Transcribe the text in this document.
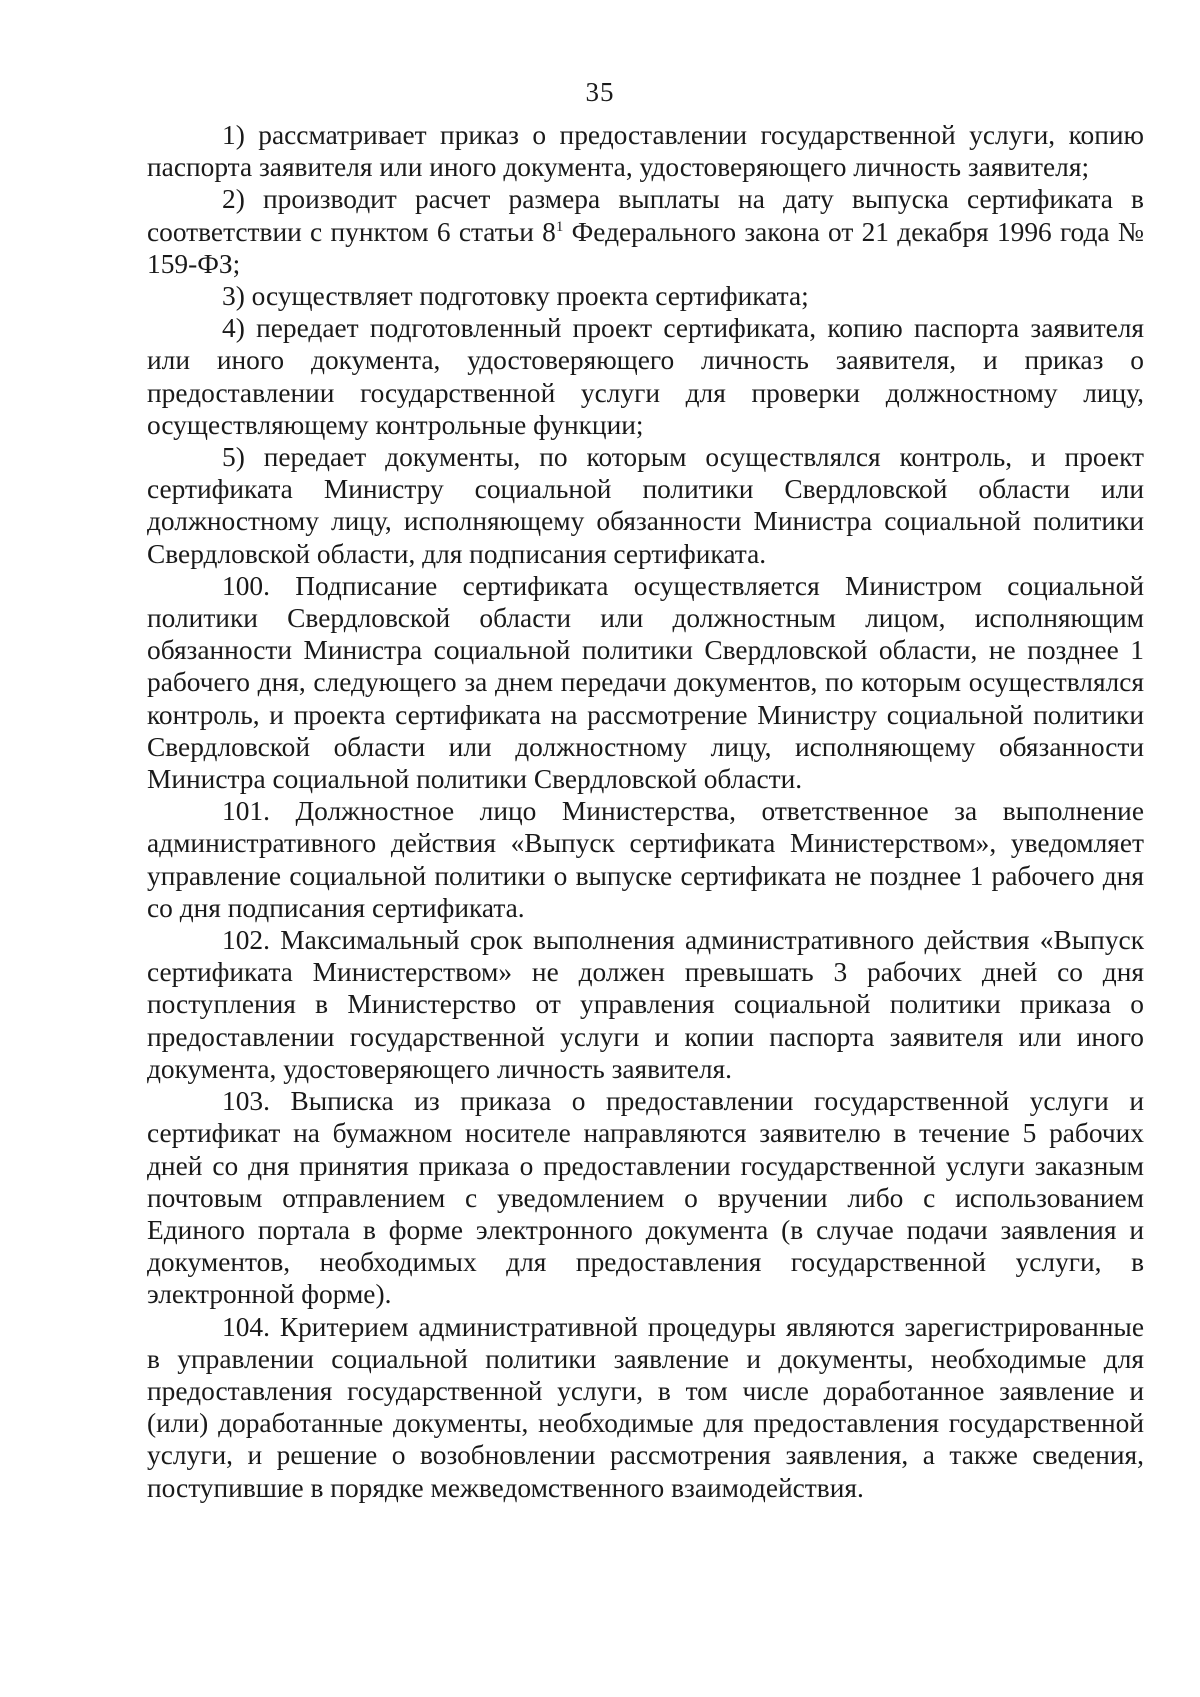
35

1) рассматривает приказ о предоставлении государственной услуги, копию паспорта заявителя или иного документа, удостоверяющего личность заявителя;

2) производит расчет размера выплаты на дату выпуска сертификата в соответствии с пунктом 6 статьи $8^1$ Федерального закона от 21 декабря 1996 года № 159-ФЗ;

3) осуществляет подготовку проекта сертификата;

4) передает подготовленный проект сертификата, копию паспорта заявителя или иного документа, удостоверяющего личность заявителя, и приказ о предоставлении государственной услуги для проверки должностному лицу, осуществляющему контрольные функции;

5) передает документы, по которым осуществлялся контроль, и проект сертификата Министру социальной политики Свердловской области или должностному лицу, исполняющему обязанности Министра социальной политики Свердловской области, для подписания сертификата.

100. Подписание сертификата осуществляется Министром социальной политики Свердловской области или должностным лицом, исполняющим обязанности Министра социальной политики Свердловской области, не позднее 1 рабочего дня, следующего за днем передачи документов, по которым осуществлялся контроль, и проекта сертификата на рассмотрение Министру социальной политики Свердловской области или должностному лицу, исполняющему обязанности Министра социальной политики Свердловской области.

101. Должностное лицо Министерства, ответственное за выполнение административного действия «Выпуск сертификата Министерством», уведомляет управление социальной политики о выпуске сертификата не позднее 1 рабочего дня со дня подписания сертификата.

102. Максимальный срок выполнения административного действия «Выпуск сертификата Министерством» не должен превышать 3 рабочих дней со дня поступления в Министерство от управления социальной политики приказа о предоставлении государственной услуги и копии паспорта заявителя или иного документа, удостоверяющего личность заявителя.

103. Выписка из приказа о предоставлении государственной услуги и сертификат на бумажном носителе направляются заявителю в течение 5 рабочих дней со дня принятия приказа о предоставлении государственной услуги заказным почтовым отправлением с уведомлением о вручении либо с использованием Единого портала в форме электронного документа (в случае подачи заявления и документов, необходимых для предоставления государственной услуги, в электронной форме).

104. Критерием административной процедуры являются зарегистрированные в управлении социальной политики заявление и документы, необходимые для предоставления государственной услуги, в том числе доработанное заявление и (или) доработанные документы, необходимые для предоставления государственной услуги, и решение о возобновлении рассмотрения заявления, а также сведения, поступившие в порядке межведомственного взаимодействия.
